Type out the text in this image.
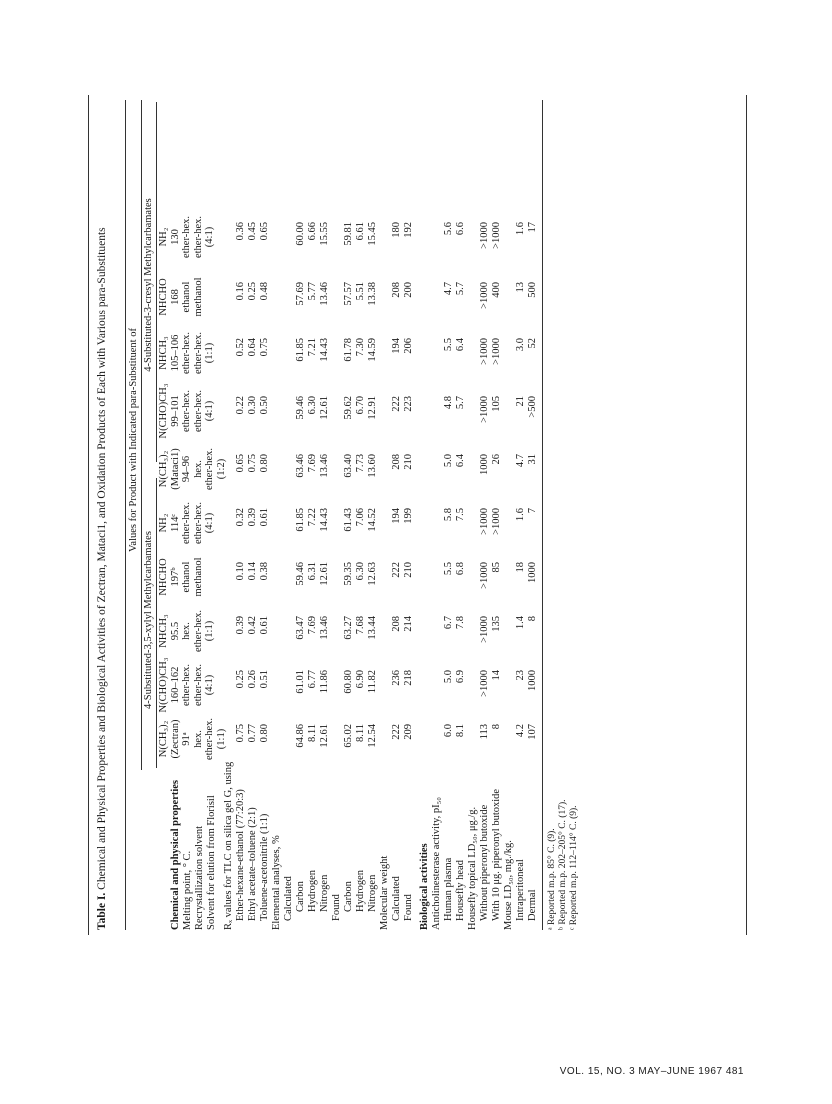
Table I. Chemical and Physical Properties and Biological Activities of Zectran, Mataci1, and Oxidation Products of Each with Various para-Substituents Values for Product with Indicated para-Substituent of
4-Substituted-3,5-xylyl Methylcarbamates
4-Substituted-3-cresyl Methylcarbamates
N(CH₃)₂ (Zectran) 91ᵃ hex. ether-hex. (1:1)
N(CHO)CH₃ 160–162 ether-hex. ether-hex. (4:1)
NHCH₃ 95.5 hex. ether-hex. (1:1)
NHCHO 197ᵇ ethanol methanol
NH₂ 114ᶜ ether-hex. ether-hex. (4:1)
N(CH₃)₂ (Mataci1) 94–96 hex. ether-hex. (1:2)
N(CHO)CH₃ 99–101 ether-hex. ether-hex. (4:1)
NHCH₃ 105–106 ether-hex. ether-hex. (1:1)
NHCHO 168 ethanol methanol
NH₂ 130 ether-hex. ether-hex. (4:1)
Chemical and physical properties Melting point, ° C. Recrystallization solvent Solvent for elution from Florisil Rₓ values for TLC on silica gel G, using Ether-hexane-ethanol (77:20:3) Ethyl acetate–toluene (2:1) Toluene-acetonitrile (1:1) Elemental analyses, % Calculated Carbon Hydrogen Nitrogen Found Carbon Hydrogen Nitrogen Molecular weight Calculated Found Biological activities Anticholinesterase activity, pI₅₀ Human plasma Housefly head Housefly topical LD₅₀, μg./g. Without piperonyl butoxide With 10 μg. piperonyl butoxide Mouse LD₅₀, mg./kg. Intraperitoneal Dermal
0.75
0.25
0.39
0.10
0.32
0.65
0.22
0.52
0.16
0.36
0.77
0.26
0.42
0.14
0.39
0.75
0.30
0.64
0.25
0.45
0.80
0.51
0.61
0.38
0.61
0.80
0.50
0.75
0.48
0.65
64.86
61.01
63.47
59.46
61.85
63.46
59.46
61.85
57.69
60.00
8.11
6.77
7.69
6.31
7.22
7.69
6.30
7.21
5.77
6.66
12.61
11.86
13.46
12.61
14.43
13.46
12.61
14.43
13.46
15.55
65.02
60.80
63.27
59.35
61.43
63.40
59.62
61.78
57.57
59.81
8.11
6.90
7.68
6.30
7.06
7.73
6.70
7.30
5.51
6.61
12.54
11.82
13.44
12.63
14.52
13.60
12.91
14.59
13.38
15.45
222
236
208
222
194
208
222
194
208
180
209
218
214
210
199
210
223
206
200
192
6.0
5.0
6.7
5.5
5.8
5.0
4.8
5.5
4.7
5.6
8.1
6.9
7.8
6.8
7.5
6.4
5.7
6.4
5.7
6.6
113
>1000
>1000
>1000
>1000
1000
>1000
>1000
>1000
>1000
8
14
135
85
>1000
26
105
>1000
400
>1000
4.2
23
1.4
18
1.6
4.7
21
3.0
13
1.6
107
1000
8
1000
7
31
>500
52
500
17
ᵃ Reported m.p. 85° C. (9). ᵇ Reported m.p. 202–205° C. (17). ᶜ Reported m.p. 112–114° C. (9).
VOL. 15, NO. 3 MAY–JUNE 1967 481
